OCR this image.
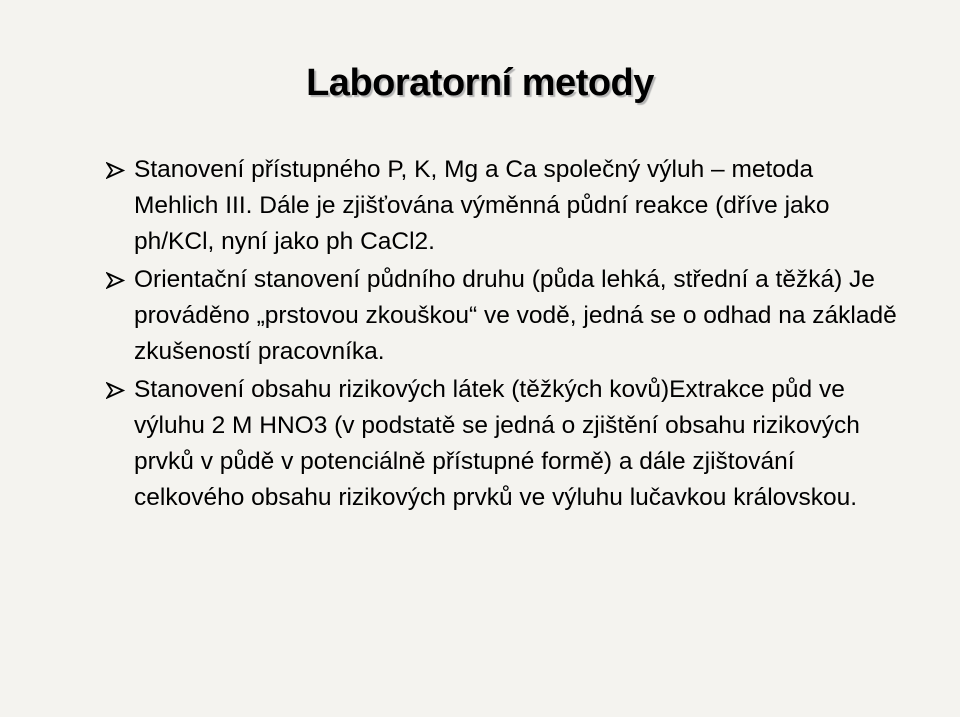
Laboratorní metody
Stanovení přístupného P, K, Mg a Ca společný výluh – metoda Mehlich III. Dále je zjišťována výměnná půdní reakce (dříve jako ph/KCl, nyní jako ph CaCl2.
Orientační stanovení půdního druhu (půda lehká, střední a těžká) Je prováděno „prstovou zkouškou“ ve vodě, jedná se o odhad na základě zkušeností pracovníka.
Stanovení obsahu rizikových látek (těžkých kovů)Extrakce půd ve výluhu 2 M HNO3 (v podstatě se jedná o zjištění obsahu rizikových prvků v půdě v potenciálně přístupné formě) a dále zjištování celkového obsahu rizikových prvků ve výluhu lučavkou královskou.
